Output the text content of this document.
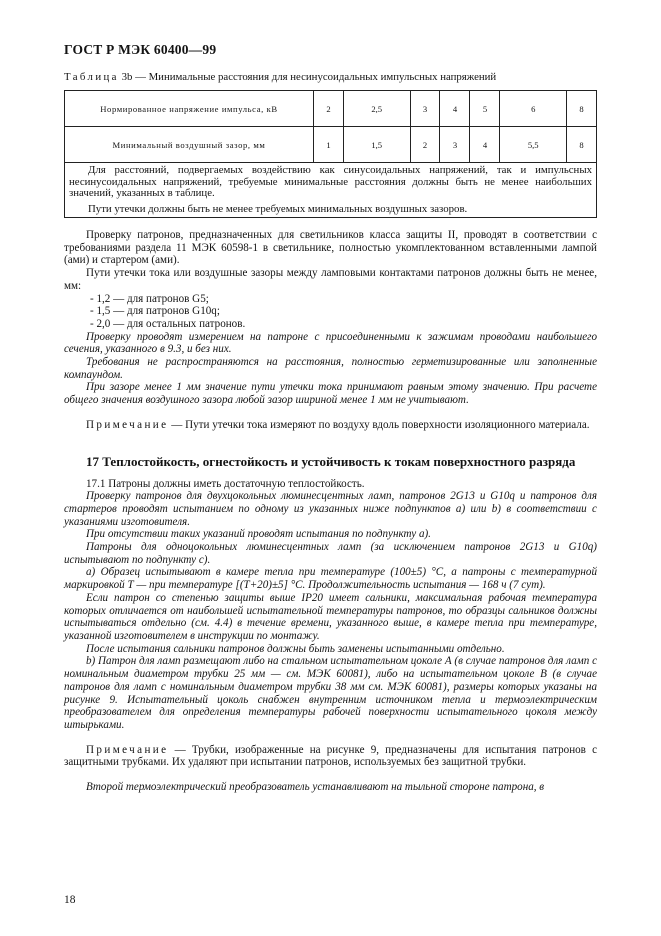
ГОСТ Р МЭК 60400—99
Таблица 3b — Минимальные расстояния для несинусоидальных импульсных напряжений
Нормированное напряжение импульса, кВ	2	2,5	3	4	5	6	8
Минимальный воздушный зазор, мм	1	1,5	2	3	4	5,5	8

Для расстояний, подвергаемых воздействию как синусоидальных напряжений, так и импульсных несинусоидальных напряжений, требуемые минимальные расстояния должны быть не менее наибольших значений, указанных в таблице.

Пути утечки должны быть не менее требуемых минимальных воздушных зазоров.							

Проверку патронов, предназначенных для светильников класса защиты II, проводят в соответствии с требованиями раздела 11 МЭК 60598-1 в светильнике, полностью укомплектованном вставленными лампой (ами) и стартером (ами).

Пути утечки тока или воздушные зазоры между ламповыми контактами патронов должны быть не менее, мм:

- 1,2 — для патронов G5;

- 1,5 — для патронов G10q;

- 2,0 — для остальных патронов.

Проверку проводят измерением на патроне с присоединенными к зажимам проводами наибольшего сечения, указанного в 9.3, и без них.

Требования не распространяются на расстояния, полностью герметизированные или заполненные компаундом.

При зазоре менее 1 мм значение пути утечки тока принимают равным этому значению. При расчете общего значения воздушного зазора любой зазор шириной менее 1 мм не учитывают.

Примечание — Пути утечки тока измеряют по воздуху вдоль поверхности изоляционного материала.

17 Теплостойкость, огнестойкость и устойчивость к токам поверхностного разряда

17.1 Патроны должны иметь достаточную теплостойкость.

Проверку патронов для двухцокольных люминесцентных ламп, патронов 2G13 и G10q и патронов для стартеров проводят испытанием по одному из указанных ниже подпунктов а) или b) в соответствии с указаниями изготовителя.

При отсутствии таких указаний проводят испытания по подпункту а).

Патроны для одноцокольных люминесцентных ламп (за исключением патронов 2G13 и G10q) испытывают по подпункту с).

а) Образец испытывают в камере тепла при температуре (100±5) °С, а патроны с температурной маркировкой Т — при температуре [(Т+20)±5] °С. Продолжительность испытания — 168 ч (7 сут).

Если патрон со степенью защиты выше IP20 имеет сальники, максимальная рабочая температура которых отличается от наибольшей испытательной температуры патронов, то образцы сальников должны испытываться отдельно (см. 4.4) в течение времени, указанного выше, в камере тепла при температуре, указанной изготовителем в инструкции по монтажу.

После испытания сальники патронов должны быть заменены испытанными отдельно.

b) Патрон для ламп размещают либо на стальном испытательном цоколе А (в случае патронов для ламп с номинальным диаметром трубки 25 мм — см. МЭК 60081), либо на испытательном цоколе В (в случае патронов для ламп с номинальным диаметром трубки 38 мм см. МЭК 60081), размеры которых указаны на рисунке 9. Испытательный цоколь снабжен внутренним источником тепла и термоэлектрическим преобразователем для определения температуры рабочей поверхности испытательного цоколя между штырьками.

Примечание — Трубки, изображенные на рисунке 9, предназначены для испытания патронов с защитными трубками. Их удаляют при испытании патронов, используемых без защитной трубки.

Второй термоэлектрический преобразователь устанавливают на тыльной стороне патрона, в

18
